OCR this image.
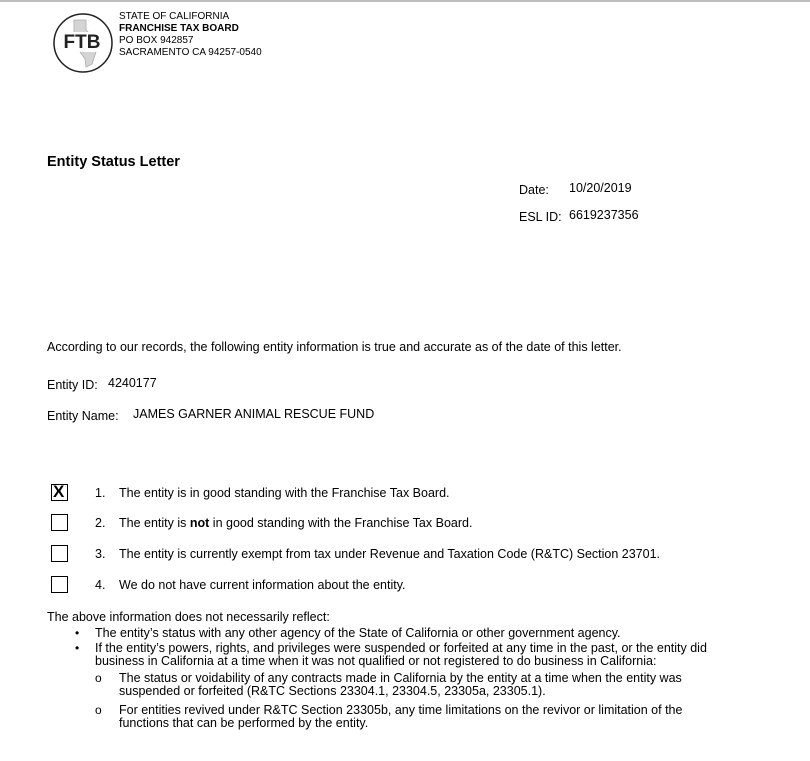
FTB
STATE OF CALIFORNIA
FRANCHISE TAX BOARD
PO BOX 942857
SACRAMENTO CA 94257-0540
Entity Status Letter
Date: 10/20/2019
ESL ID: 6619237356
According to our records, the following entity information is true and accurate as of the date of this letter.
Entity ID: 4240177
Entity Name: JAMES GARNER ANIMAL RESCUE FUND
X 1. The entity is in good standing with the Franchise Tax Board.
2. The entity is not in good standing with the Franchise Tax Board.
3. The entity is currently exempt from tax under Revenue and Taxation Code (R&TC) Section 23701.
4. We do not have current information about the entity.
The above information does not necessarily reflect:
• The entity’s status with any other agency of the State of California or other government agency.
• If the entity’s powers, rights, and privileges were suspended or forfeited at any time in the past, or the entity did business in California at a time when it was not qualified or not registered to do business in California:
o The status or voidability of any contracts made in California by the entity at a time when the entity was suspended or forfeited (R&TC Sections 23304.1, 23304.5, 23305a, 23305.1).
o For entities revived under R&TC Section 23305b, any time limitations on the revivor or limitation of the functions that can be performed by the entity.
